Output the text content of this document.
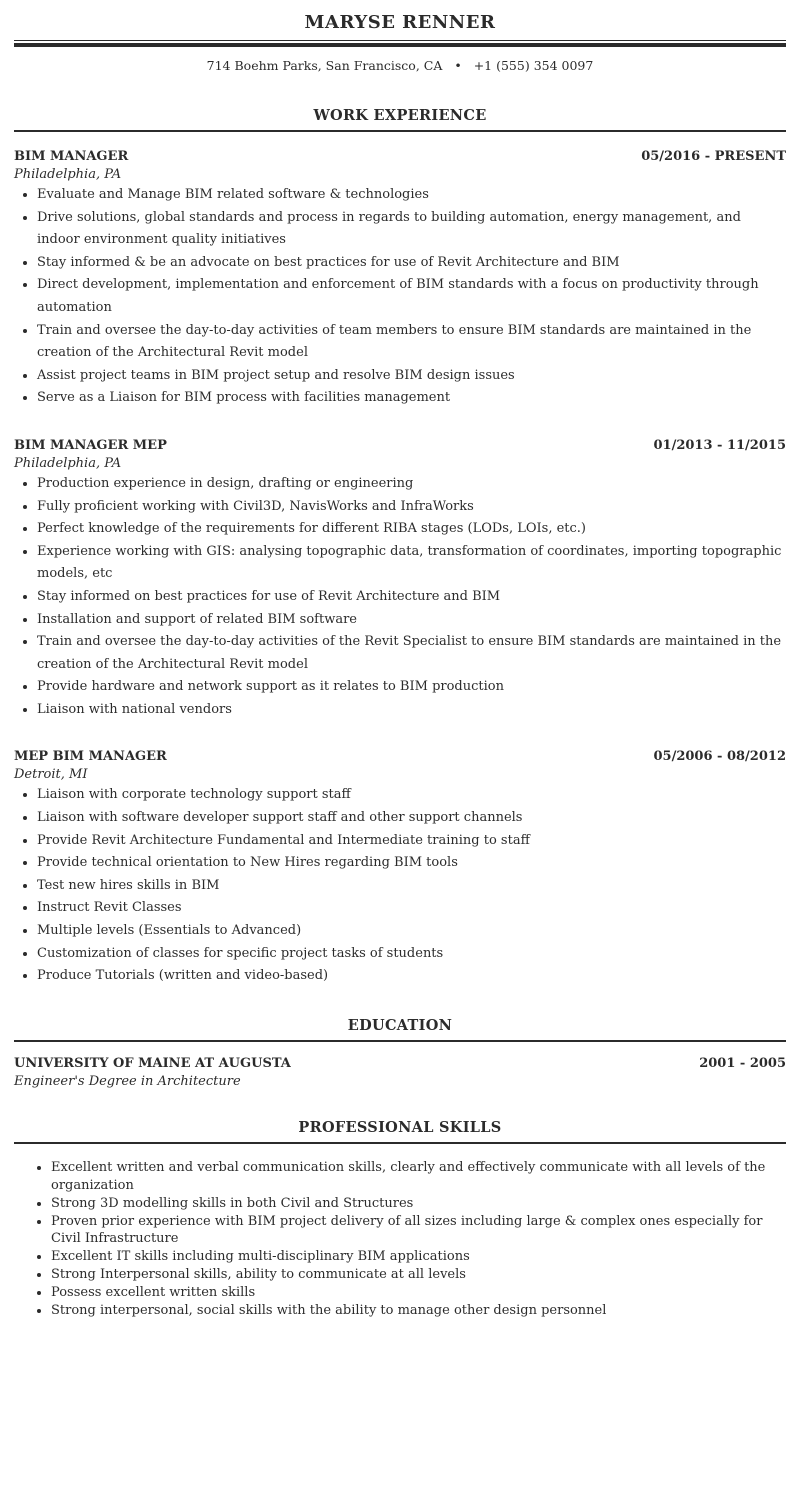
MARYSE RENNER
714 Boehm Parks, San Francisco, CA • +1 (555) 354 0097
WORK EXPERIENCE
BIM MANAGER	05/2016 - PRESENT
Philadelphia, PA
• Evaluate and Manage BIM related software & technologies
• Drive solutions, global standards and process in regards to building automation, energy management, and indoor environment quality initiatives
• Stay informed & be an advocate on best practices for use of Revit Architecture and BIM
• Direct development, implementation and enforcement of BIM standards with a focus on productivity through automation
• Train and oversee the day-to-day activities of team members to ensure BIM standards are maintained in the creation of the Architectural Revit model
• Assist project teams in BIM project setup and resolve BIM design issues
• Serve as a Liaison for BIM process with facilities management
BIM MANAGER MEP	01/2013 - 11/2015
Philadelphia, PA
• Production experience in design, drafting or engineering
• Fully proficient working with Civil3D, NavisWorks and InfraWorks
• Perfect knowledge of the requirements for different RIBA stages (LODs, LOIs, etc.)
• Experience working with GIS: analysing topographic data, transformation of coordinates, importing topographic models, etc
• Stay informed on best practices for use of Revit Architecture and BIM
• Installation and support of related BIM software
• Train and oversee the day-to-day activities of the Revit Specialist to ensure BIM standards are maintained in the creation of the Architectural Revit model
• Provide hardware and network support as it relates to BIM production
• Liaison with national vendors
MEP BIM MANAGER	05/2006 - 08/2012
Detroit, MI
• Liaison with corporate technology support staff
• Liaison with software developer support staff and other support channels
• Provide Revit Architecture Fundamental and Intermediate training to staff
• Provide technical orientation to New Hires regarding BIM tools
• Test new hires skills in BIM
• Instruct Revit Classes
• Multiple levels (Essentials to Advanced)
• Customization of classes for specific project tasks of students
• Produce Tutorials (written and video-based)
EDUCATION
UNIVERSITY OF MAINE AT AUGUSTA	2001 - 2005
Engineer's Degree in Architecture
PROFESSIONAL SKILLS
• Excellent written and verbal communication skills, clearly and effectively communicate with all levels of the organization
• Strong 3D modelling skills in both Civil and Structures
• Proven prior experience with BIM project delivery of all sizes including large & complex ones especially for Civil Infrastructure
• Excellent IT skills including multi-disciplinary BIM applications
• Strong Interpersonal skills, ability to communicate at all levels
• Possess excellent written skills
• Strong interpersonal, social skills with the ability to manage other design personnel
